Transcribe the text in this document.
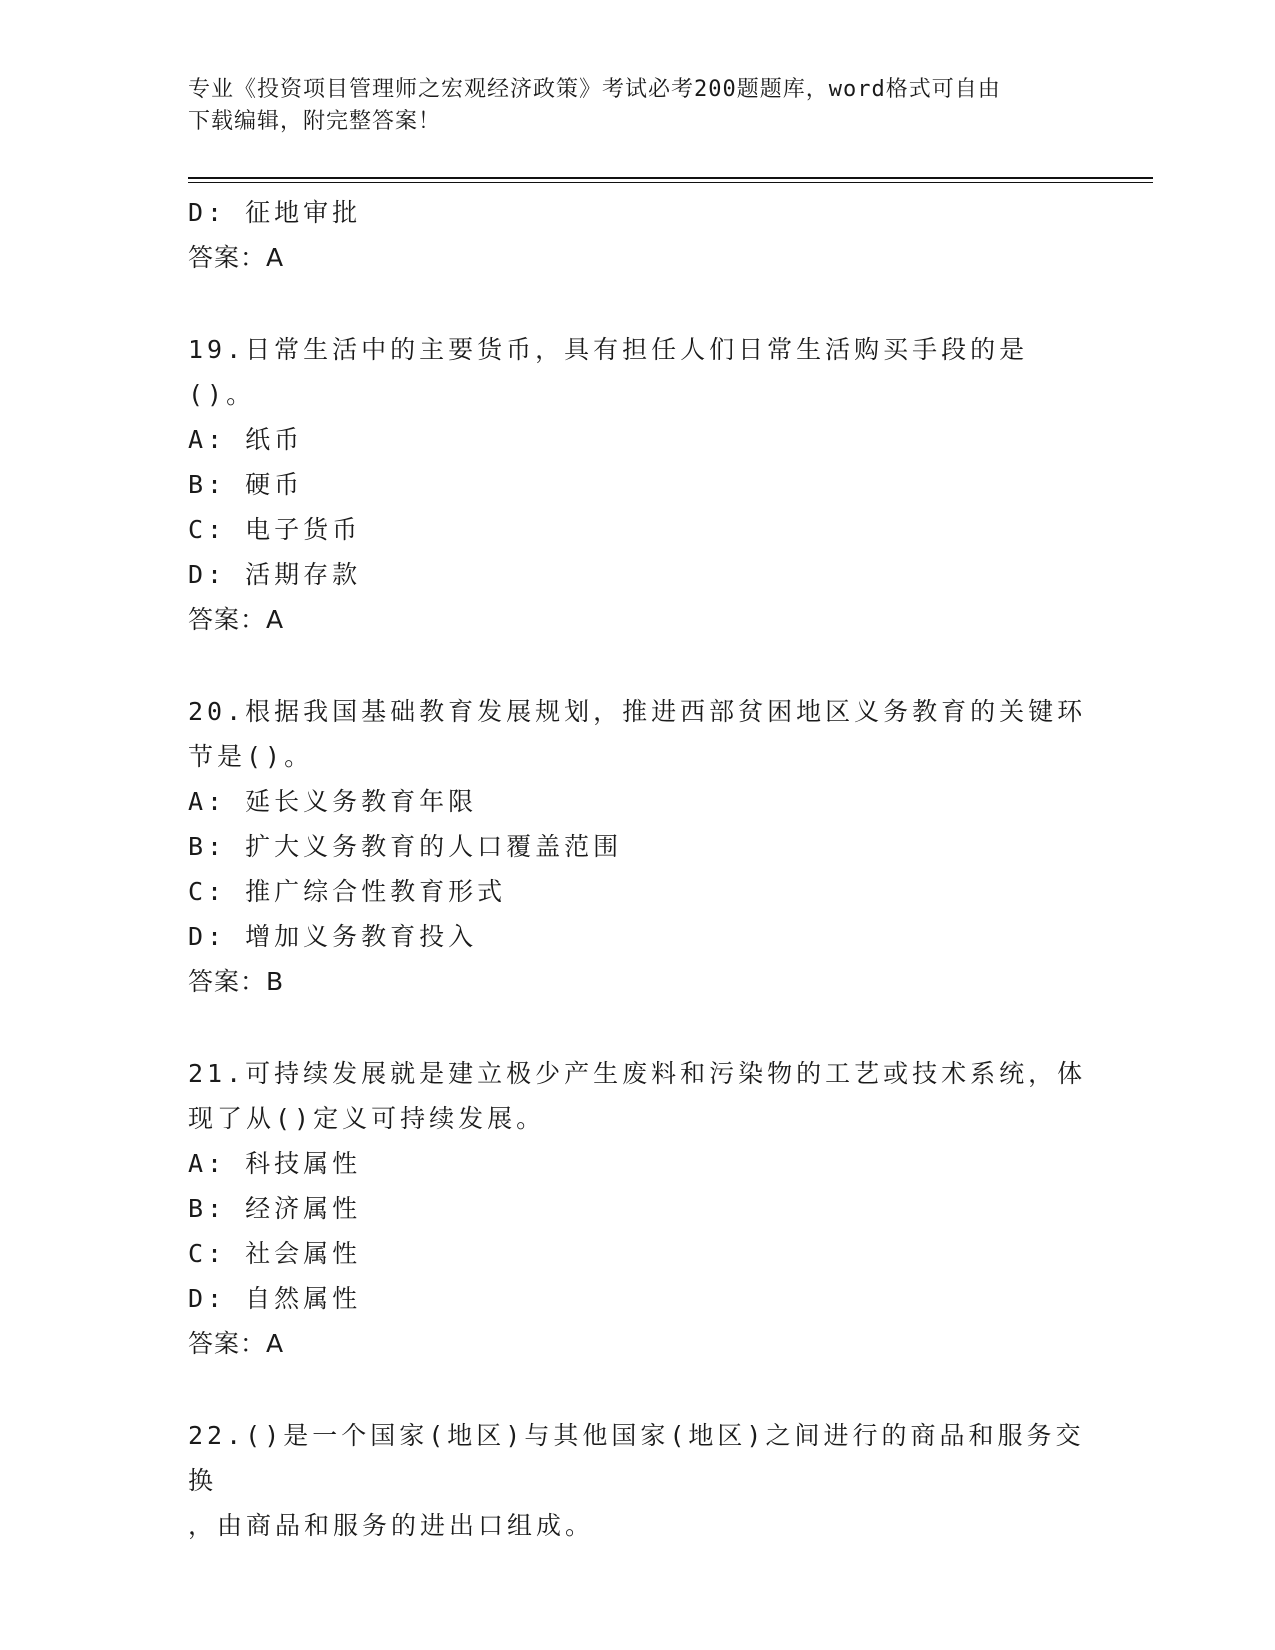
专业《投资项目管理师之宏观经济政策》考试必考200题题库，word格式可自由
下载编辑，附完整答案！
D: 征地审批
答案：A
19.日常生活中的主要货币，具有担任人们日常生活购买手段的是()。
A: 纸币
B: 硬币
C: 电子货币
D: 活期存款
答案：A
20.根据我国基础教育发展规划，推进西部贫困地区义务教育的关键环
节是()。
A: 延长义务教育年限
B: 扩大义务教育的人口覆盖范围
C: 推广综合性教育形式
D: 增加义务教育投入
答案：B
21.可持续发展就是建立极少产生废料和污染物的工艺或技术系统，体
现了从()定义可持续发展。
A: 科技属性
B: 经济属性
C: 社会属性
D: 自然属性
答案：A
22.()是一个国家(地区)与其他国家(地区)之间进行的商品和服务交换
，由商品和服务的进出口组成。
